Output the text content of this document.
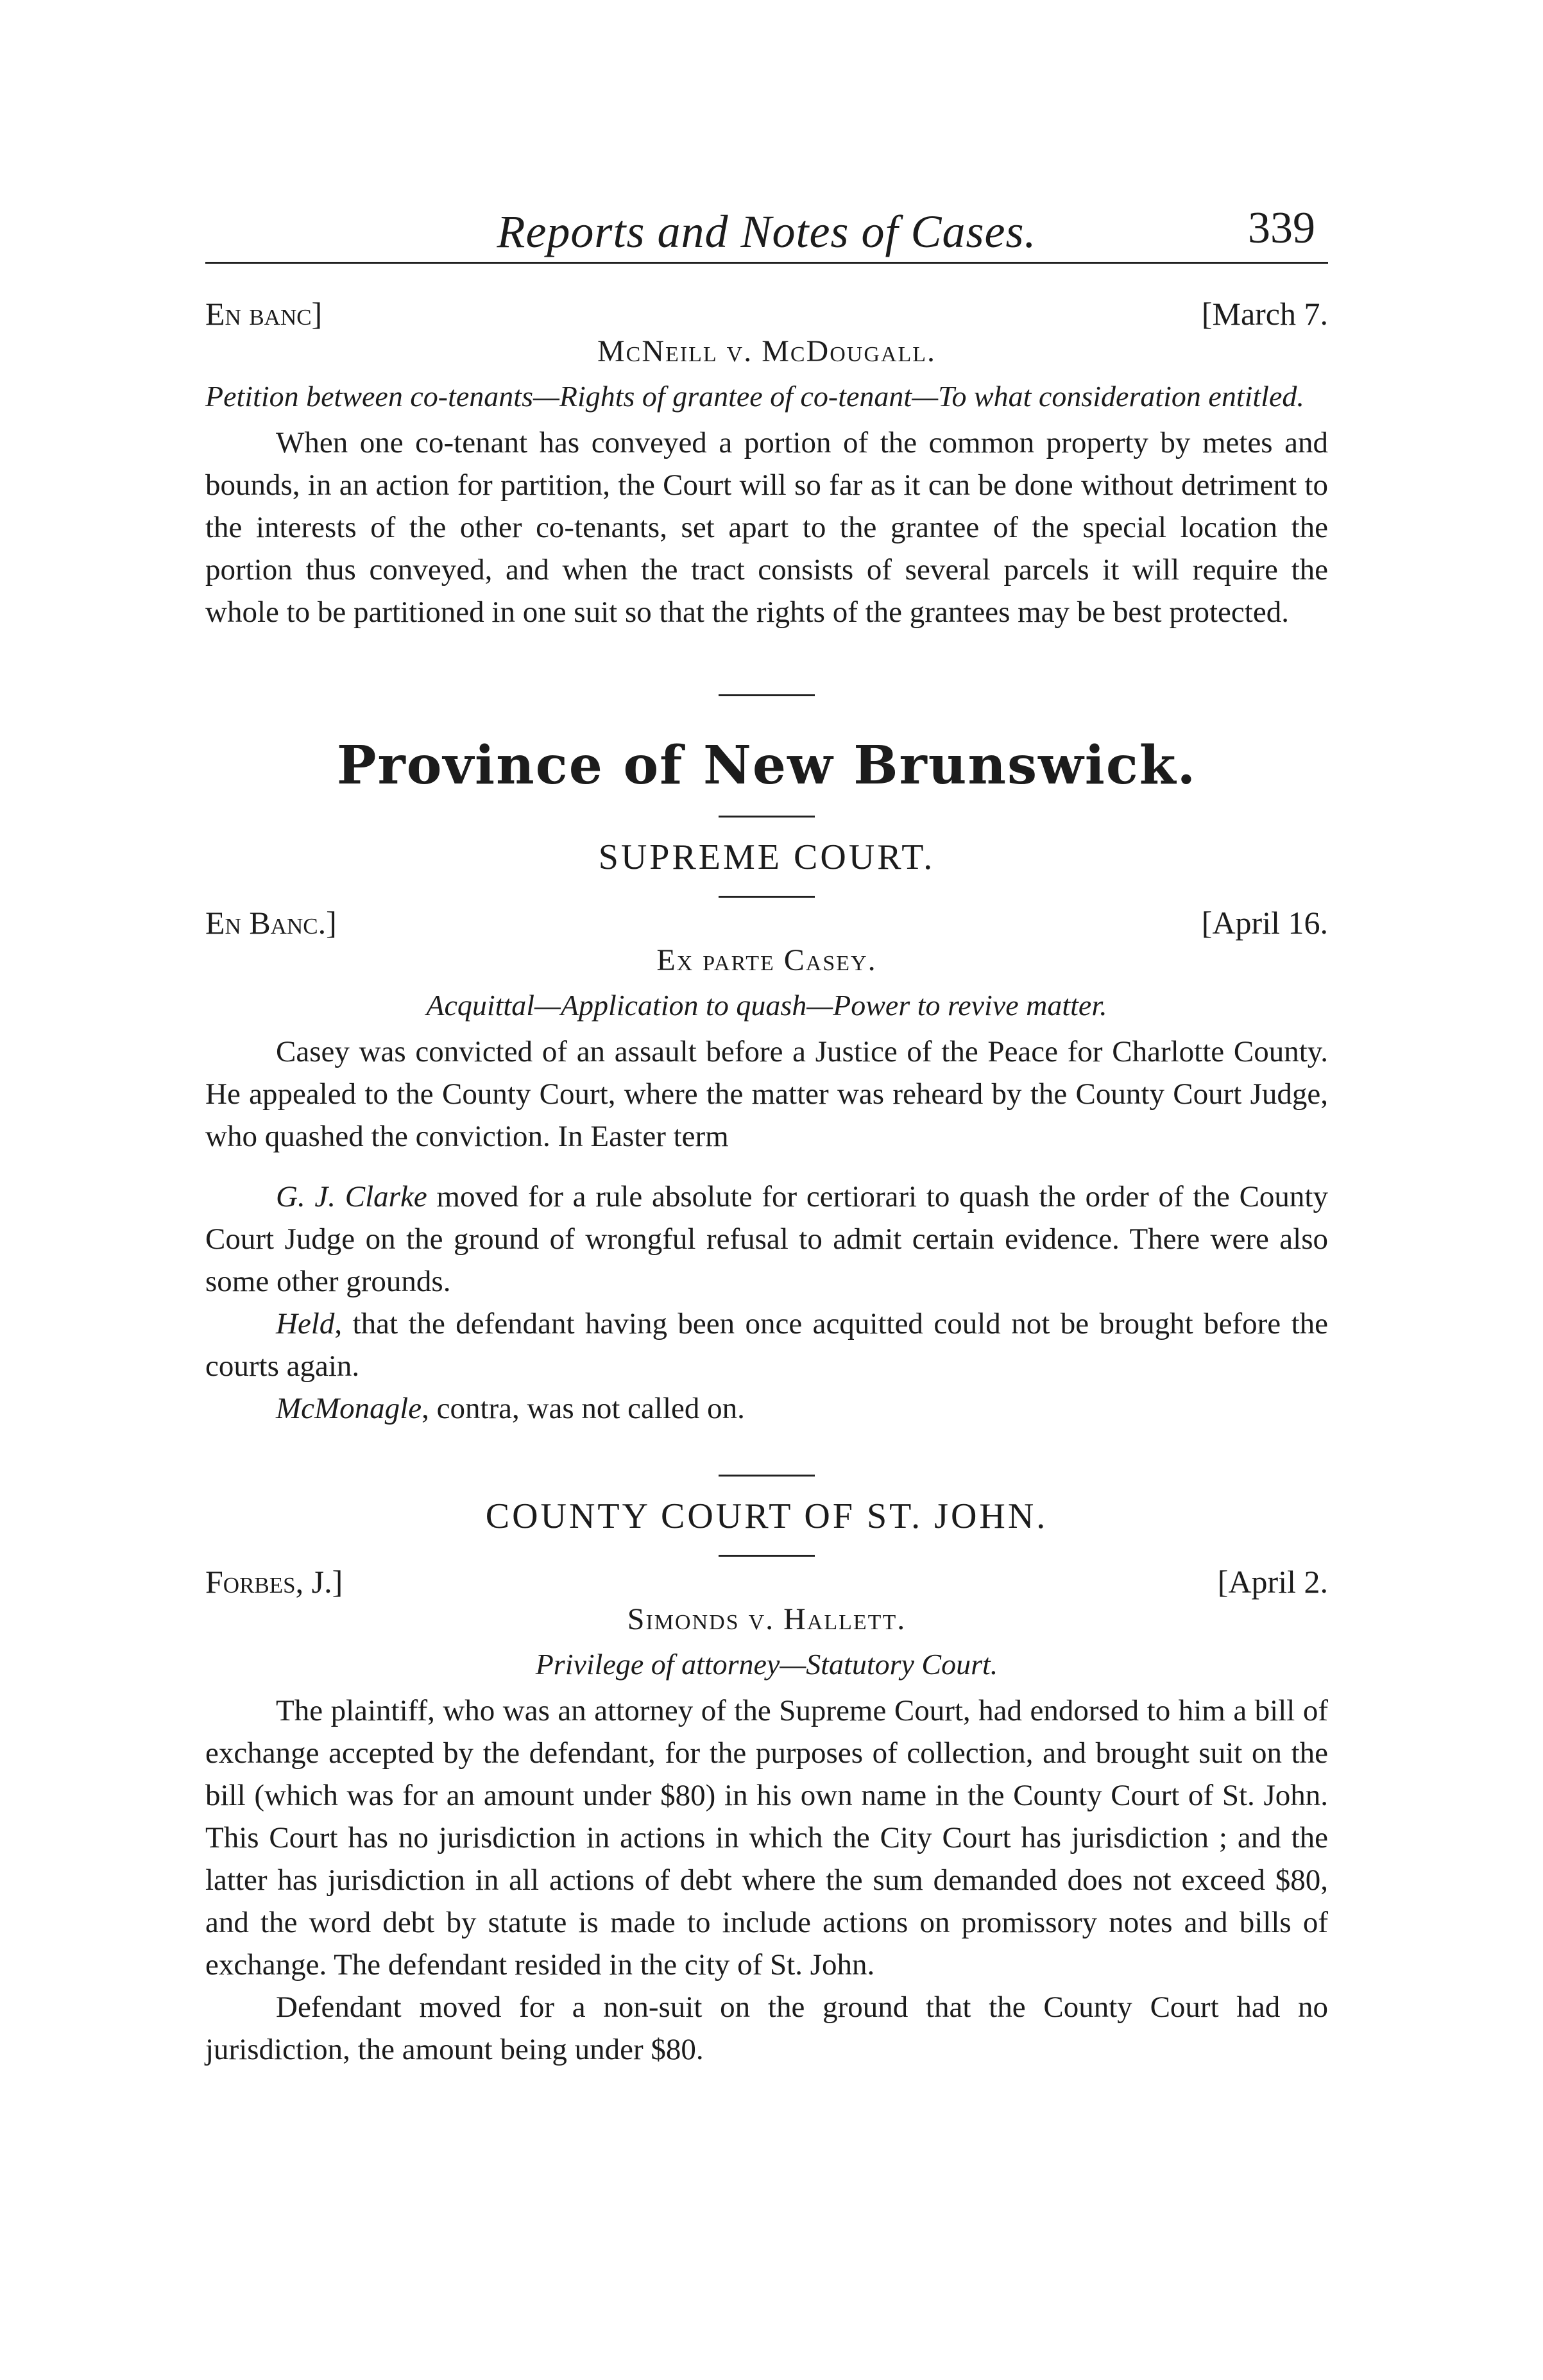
Reports and Notes of Cases.	339
En banc]	[March 7.
McNeill v. McDougall.
Petition between co-tenants—Rights of grantee of co-tenant—To what consideration entitled.

When one co-tenant has conveyed a portion of the common property by metes and bounds, in an action for partition, the Court will so far as it can be done without detriment to the interests of the other co-tenants, set apart to the grantee of the special location the portion thus conveyed, and when the tract consists of several parcels it will require the whole to be partitioned in one suit so that the rights of the grantees may be best protected.

Province of New Brunswick.
SUPREME COURT.
En Banc.]	[April 16.
Ex parte Casey.
Acquittal—Application to quash—Power to revive matter.

Casey was convicted of an assault before a Justice of the Peace for Charlotte County. He appealed to the County Court, where the matter was reheard by the County Court Judge, who quashed the conviction. In Easter term

G. J. Clarke moved for a rule absolute for certiorari to quash the order of the County Court Judge on the ground of wrongful refusal to admit certain evidence. There were also some other grounds.

Held, that the defendant having been once acquitted could not be brought before the courts again.

McMonagle, contra, was not called on.

COUNTY COURT OF ST. JOHN.
Forbes, J.]	[April 2.
Simonds v. Hallett.
Privilege of attorney—Statutory Court.

The plaintiff, who was an attorney of the Supreme Court, had endorsed to him a bill of exchange accepted by the defendant, for the purposes of collection, and brought suit on the bill (which was for an amount under $80) in his own name in the County Court of St. John. This Court has no jurisdiction in actions in which the City Court has jurisdiction ; and the latter has jurisdiction in all actions of debt where the sum demanded does not exceed $80, and the word debt by statute is made to include actions on promissory notes and bills of exchange. The defendant resided in the city of St. John.

Defendant moved for a non-suit on the ground that the County Court had no jurisdiction, the amount being under $80.
